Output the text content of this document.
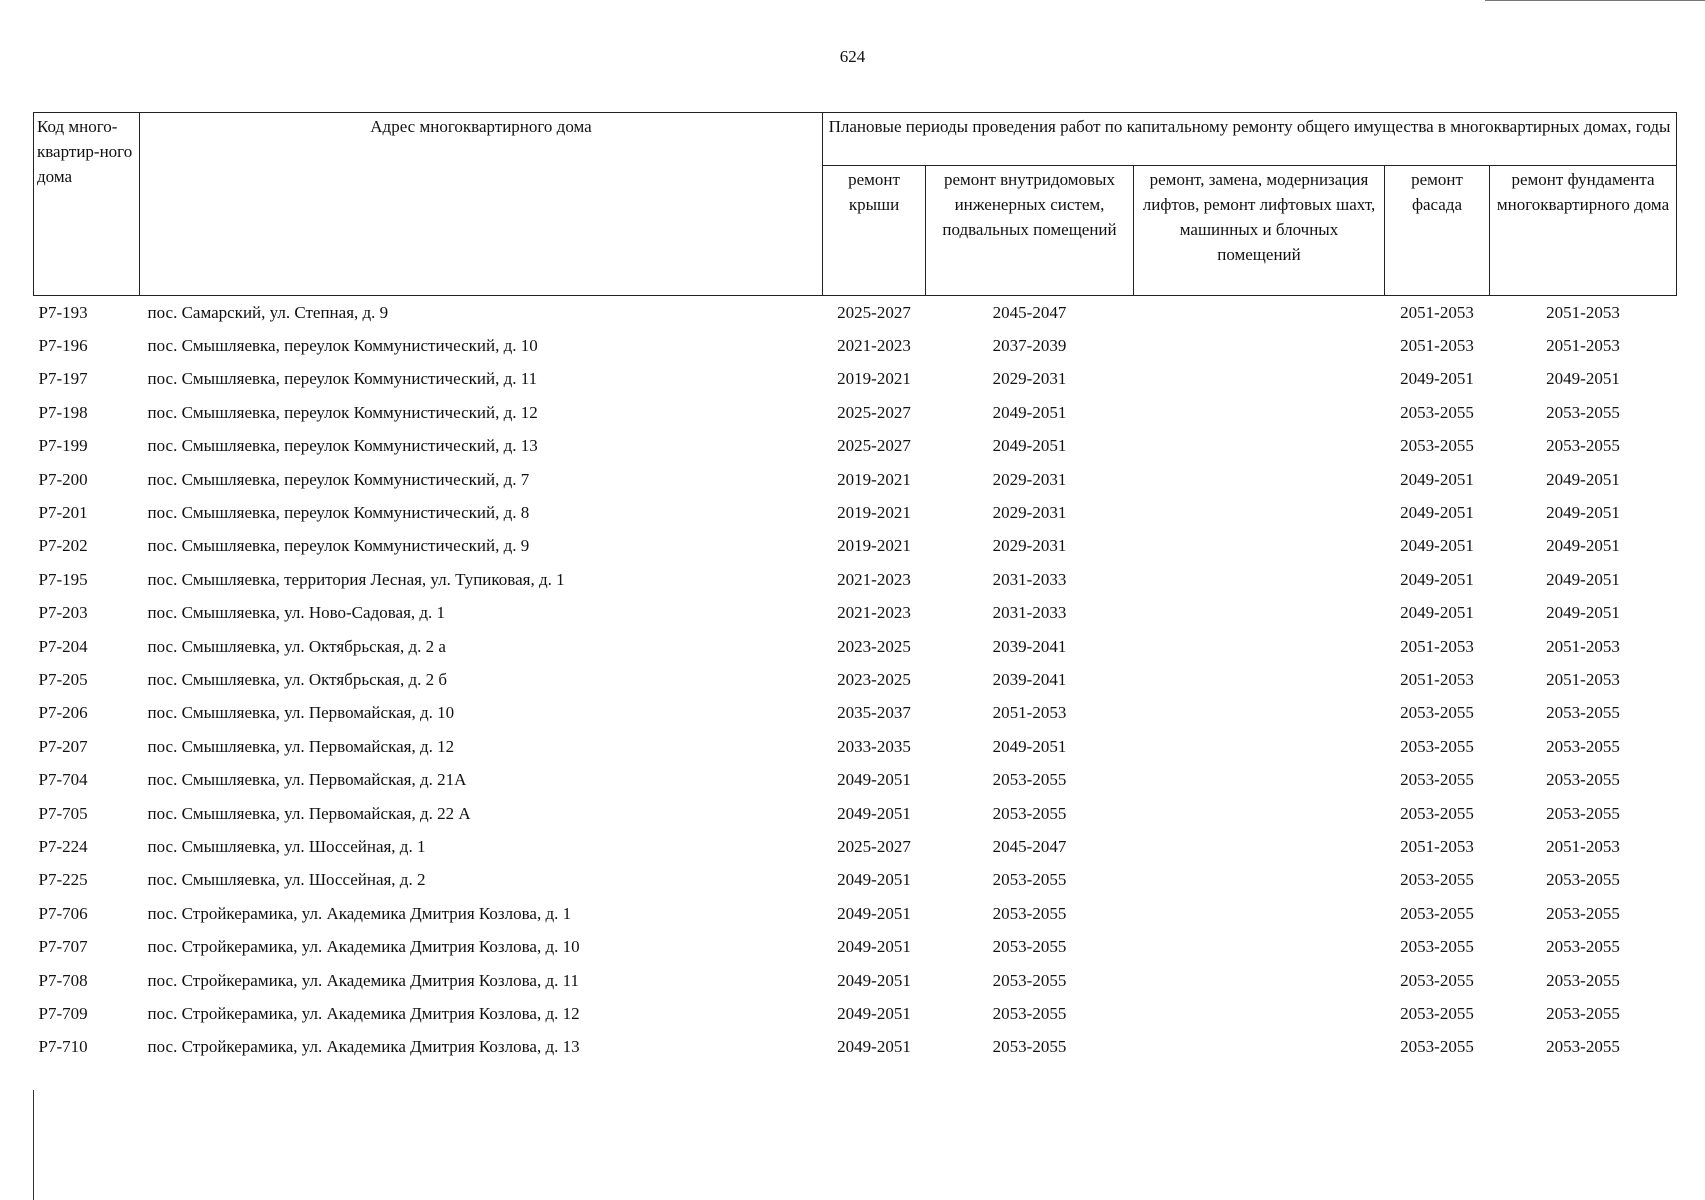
624
Код много-квартир-ного дома	Адрес многоквартирного дома	Плановые периоды проведения работ по капитальному ремонту общего имущества в многоквартирных домах, годы				
		ремонт крыши	ремонт внутридомовых инженерных систем, подвальных помещений	ремонт, замена, модернизация лифтов, ремонт лифтовых шахт, машинных и блочных помещений	ремонт фасада	ремонт фундамента многоквартирного дома
Р7-193	пос. Самарский, ул. Степная, д. 9	2025-2027	2045-2047		2051-2053	2051-2053
Р7-196	пос. Смышляевка, переулок Коммунистический, д. 10	2021-2023	2037-2039		2051-2053	2051-2053
Р7-197	пос. Смышляевка, переулок Коммунистический, д. 11	2019-2021	2029-2031		2049-2051	2049-2051
Р7-198	пос. Смышляевка, переулок Коммунистический, д. 12	2025-2027	2049-2051		2053-2055	2053-2055
Р7-199	пос. Смышляевка, переулок Коммунистический, д. 13	2025-2027	2049-2051		2053-2055	2053-2055
Р7-200	пос. Смышляевка, переулок Коммунистический, д. 7	2019-2021	2029-2031		2049-2051	2049-2051
Р7-201	пос. Смышляевка, переулок Коммунистический, д. 8	2019-2021	2029-2031		2049-2051	2049-2051
Р7-202	пос. Смышляевка, переулок Коммунистический, д. 9	2019-2021	2029-2031		2049-2051	2049-2051
Р7-195	пос. Смышляевка, территория Лесная, ул. Тупиковая, д. 1	2021-2023	2031-2033		2049-2051	2049-2051
Р7-203	пос. Смышляевка, ул. Ново-Садовая, д. 1	2021-2023	2031-2033		2049-2051	2049-2051
Р7-204	пос. Смышляевка, ул. Октябрьская, д. 2 а	2023-2025	2039-2041		2051-2053	2051-2053
Р7-205	пос. Смышляевка, ул. Октябрьская, д. 2 б	2023-2025	2039-2041		2051-2053	2051-2053
Р7-206	пос. Смышляевка, ул. Первомайская, д. 10	2035-2037	2051-2053		2053-2055	2053-2055
Р7-207	пос. Смышляевка, ул. Первомайская, д. 12	2033-2035	2049-2051		2053-2055	2053-2055
Р7-704	пос. Смышляевка, ул. Первомайская, д. 21А	2049-2051	2053-2055		2053-2055	2053-2055
Р7-705	пос. Смышляевка, ул. Первомайская, д. 22 А	2049-2051	2053-2055		2053-2055	2053-2055
Р7-224	пос. Смышляевка, ул. Шоссейная, д. 1	2025-2027	2045-2047		2051-2053	2051-2053
Р7-225	пос. Смышляевка, ул. Шоссейная, д. 2	2049-2051	2053-2055		2053-2055	2053-2055
Р7-706	пос. Стройкерамика, ул. Академика Дмитрия Козлова, д. 1	2049-2051	2053-2055		2053-2055	2053-2055
Р7-707	пос. Стройкерамика, ул. Академика Дмитрия Козлова, д. 10	2049-2051	2053-2055		2053-2055	2053-2055
Р7-708	пос. Стройкерамика, ул. Академика Дмитрия Козлова, д. 11	2049-2051	2053-2055		2053-2055	2053-2055
Р7-709	пос. Стройкерамика, ул. Академика Дмитрия Козлова, д. 12	2049-2051	2053-2055		2053-2055	2053-2055
Р7-710	пос. Стройкерамика, ул. Академика Дмитрия Козлова, д. 13	2049-2051	2053-2055		2053-2055	2053-2055
